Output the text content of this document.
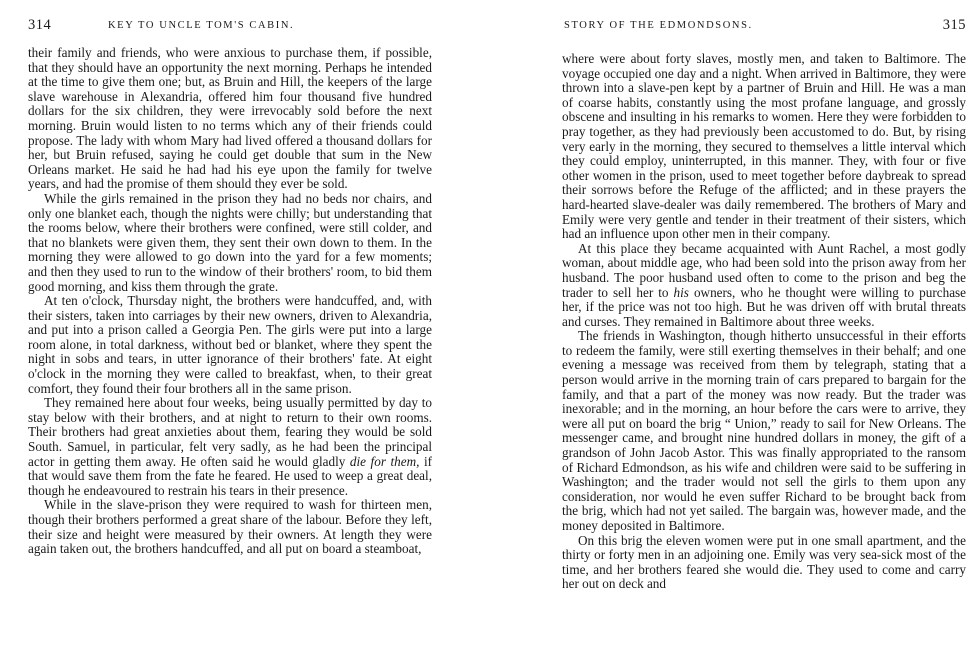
314	KEY TO UNCLE TOM'S CABIN.

their family and friends, who were anxious to purchase them, if possible, that they should have an opportunity the next morning. Perhaps he intended at the time to give them one; but, as Bruin and Hill, the keepers of the large slave warehouse in Alexandria, offered him four thousand five hundred dollars for the six children, they were irrevocably sold before the next morning. Bruin would listen to no terms which any of their friends could propose. The lady with whom Mary had lived offered a thousand dollars for her, but Bruin refused, saying he could get double that sum in the New Orleans market. He said he had had his eye upon the family for twelve years, and had the promise of them should they ever be sold.

While the girls remained in the prison they had no beds nor chairs, and only one blanket each, though the nights were chilly; but understanding that the rooms below, where their brothers were confined, were still colder, and that no blankets were given them, they sent their own down to them. In the morning they were allowed to go down into the yard for a few moments; and then they used to run to the window of their brothers' room, to bid them good morning, and kiss them through the grate.

At ten o'clock, Thursday night, the brothers were handcuffed, and, with their sisters, taken into carriages by their new owners, driven to Alexandria, and put into a prison called a Georgia Pen. The girls were put into a large room alone, in total darkness, without bed or blanket, where they spent the night in sobs and tears, in utter ignorance of their brothers' fate. At eight o'clock in the morning they were called to breakfast, when, to their great comfort, they found their four brothers all in the same prison.

They remained here about four weeks, being usually permitted by day to stay below with their brothers, and at night to return to their own rooms. Their brothers had great anxieties about them, fearing they would be sold South. Samuel, in particular, felt very sadly, as he had been the principal actor in getting them away. He often said he would gladly die for them, if that would save them from the fate he feared. He used to weep a great deal, though he endeavoured to restrain his tears in their presence.

While in the slave-prison they were required to wash for thirteen men, though their brothers performed a great share of the labour. Before they left, their size and height were measured by their owners. At length they were again taken out, the brothers handcuffed, and all put on board a steamboat,

STORY OF THE EDMONDSONS.	315

where were about forty slaves, mostly men, and taken to Baltimore. The voyage occupied one day and a night. When arrived in Baltimore, they were thrown into a slave-pen kept by a partner of Bruin and Hill. He was a man of coarse habits, constantly using the most profane language, and grossly obscene and insulting in his remarks to women. Here they were forbidden to pray together, as they had previously been accustomed to do. But, by rising very early in the morning, they secured to themselves a little interval which they could employ, uninterrupted, in this manner. They, with four or five other women in the prison, used to meet together before daybreak to spread their sorrows before the Refuge of the afflicted; and in these prayers the hard-hearted slave-dealer was daily remembered. The brothers of Mary and Emily were very gentle and tender in their treatment of their sisters, which had an influence upon other men in their company.

At this place they became acquainted with Aunt Rachel, a most godly woman, about middle age, who had been sold into the prison away from her husband. The poor husband used often to come to the prison and beg the trader to sell her to his owners, who he thought were willing to purchase her, if the price was not too high. But he was driven off with brutal threats and curses. They remained in Baltimore about three weeks.

The friends in Washington, though hitherto unsuccessful in their efforts to redeem the family, were still exerting themselves in their behalf; and one evening a message was received from them by telegraph, stating that a person would arrive in the morning train of cars prepared to bargain for the family, and that a part of the money was now ready. But the trader was inexorable; and in the morning, an hour before the cars were to arrive, they were all put on board the brig “ Union,” ready to sail for New Orleans. The messenger came, and brought nine hundred dollars in money, the gift of a grandson of John Jacob Astor. This was finally appropriated to the ransom of Richard Edmondson, as his wife and children were said to be suffering in Washington; and the trader would not sell the girls to them upon any consideration, nor would he even suffer Richard to be brought back from the brig, which had not yet sailed. The bargain was, however made, and the money deposited in Baltimore.

On this brig the eleven women were put in one small apartment, and the thirty or forty men in an adjoining one. Emily was very sea-sick most of the time, and her brothers feared she would die. They used to come and carry her out on deck and
